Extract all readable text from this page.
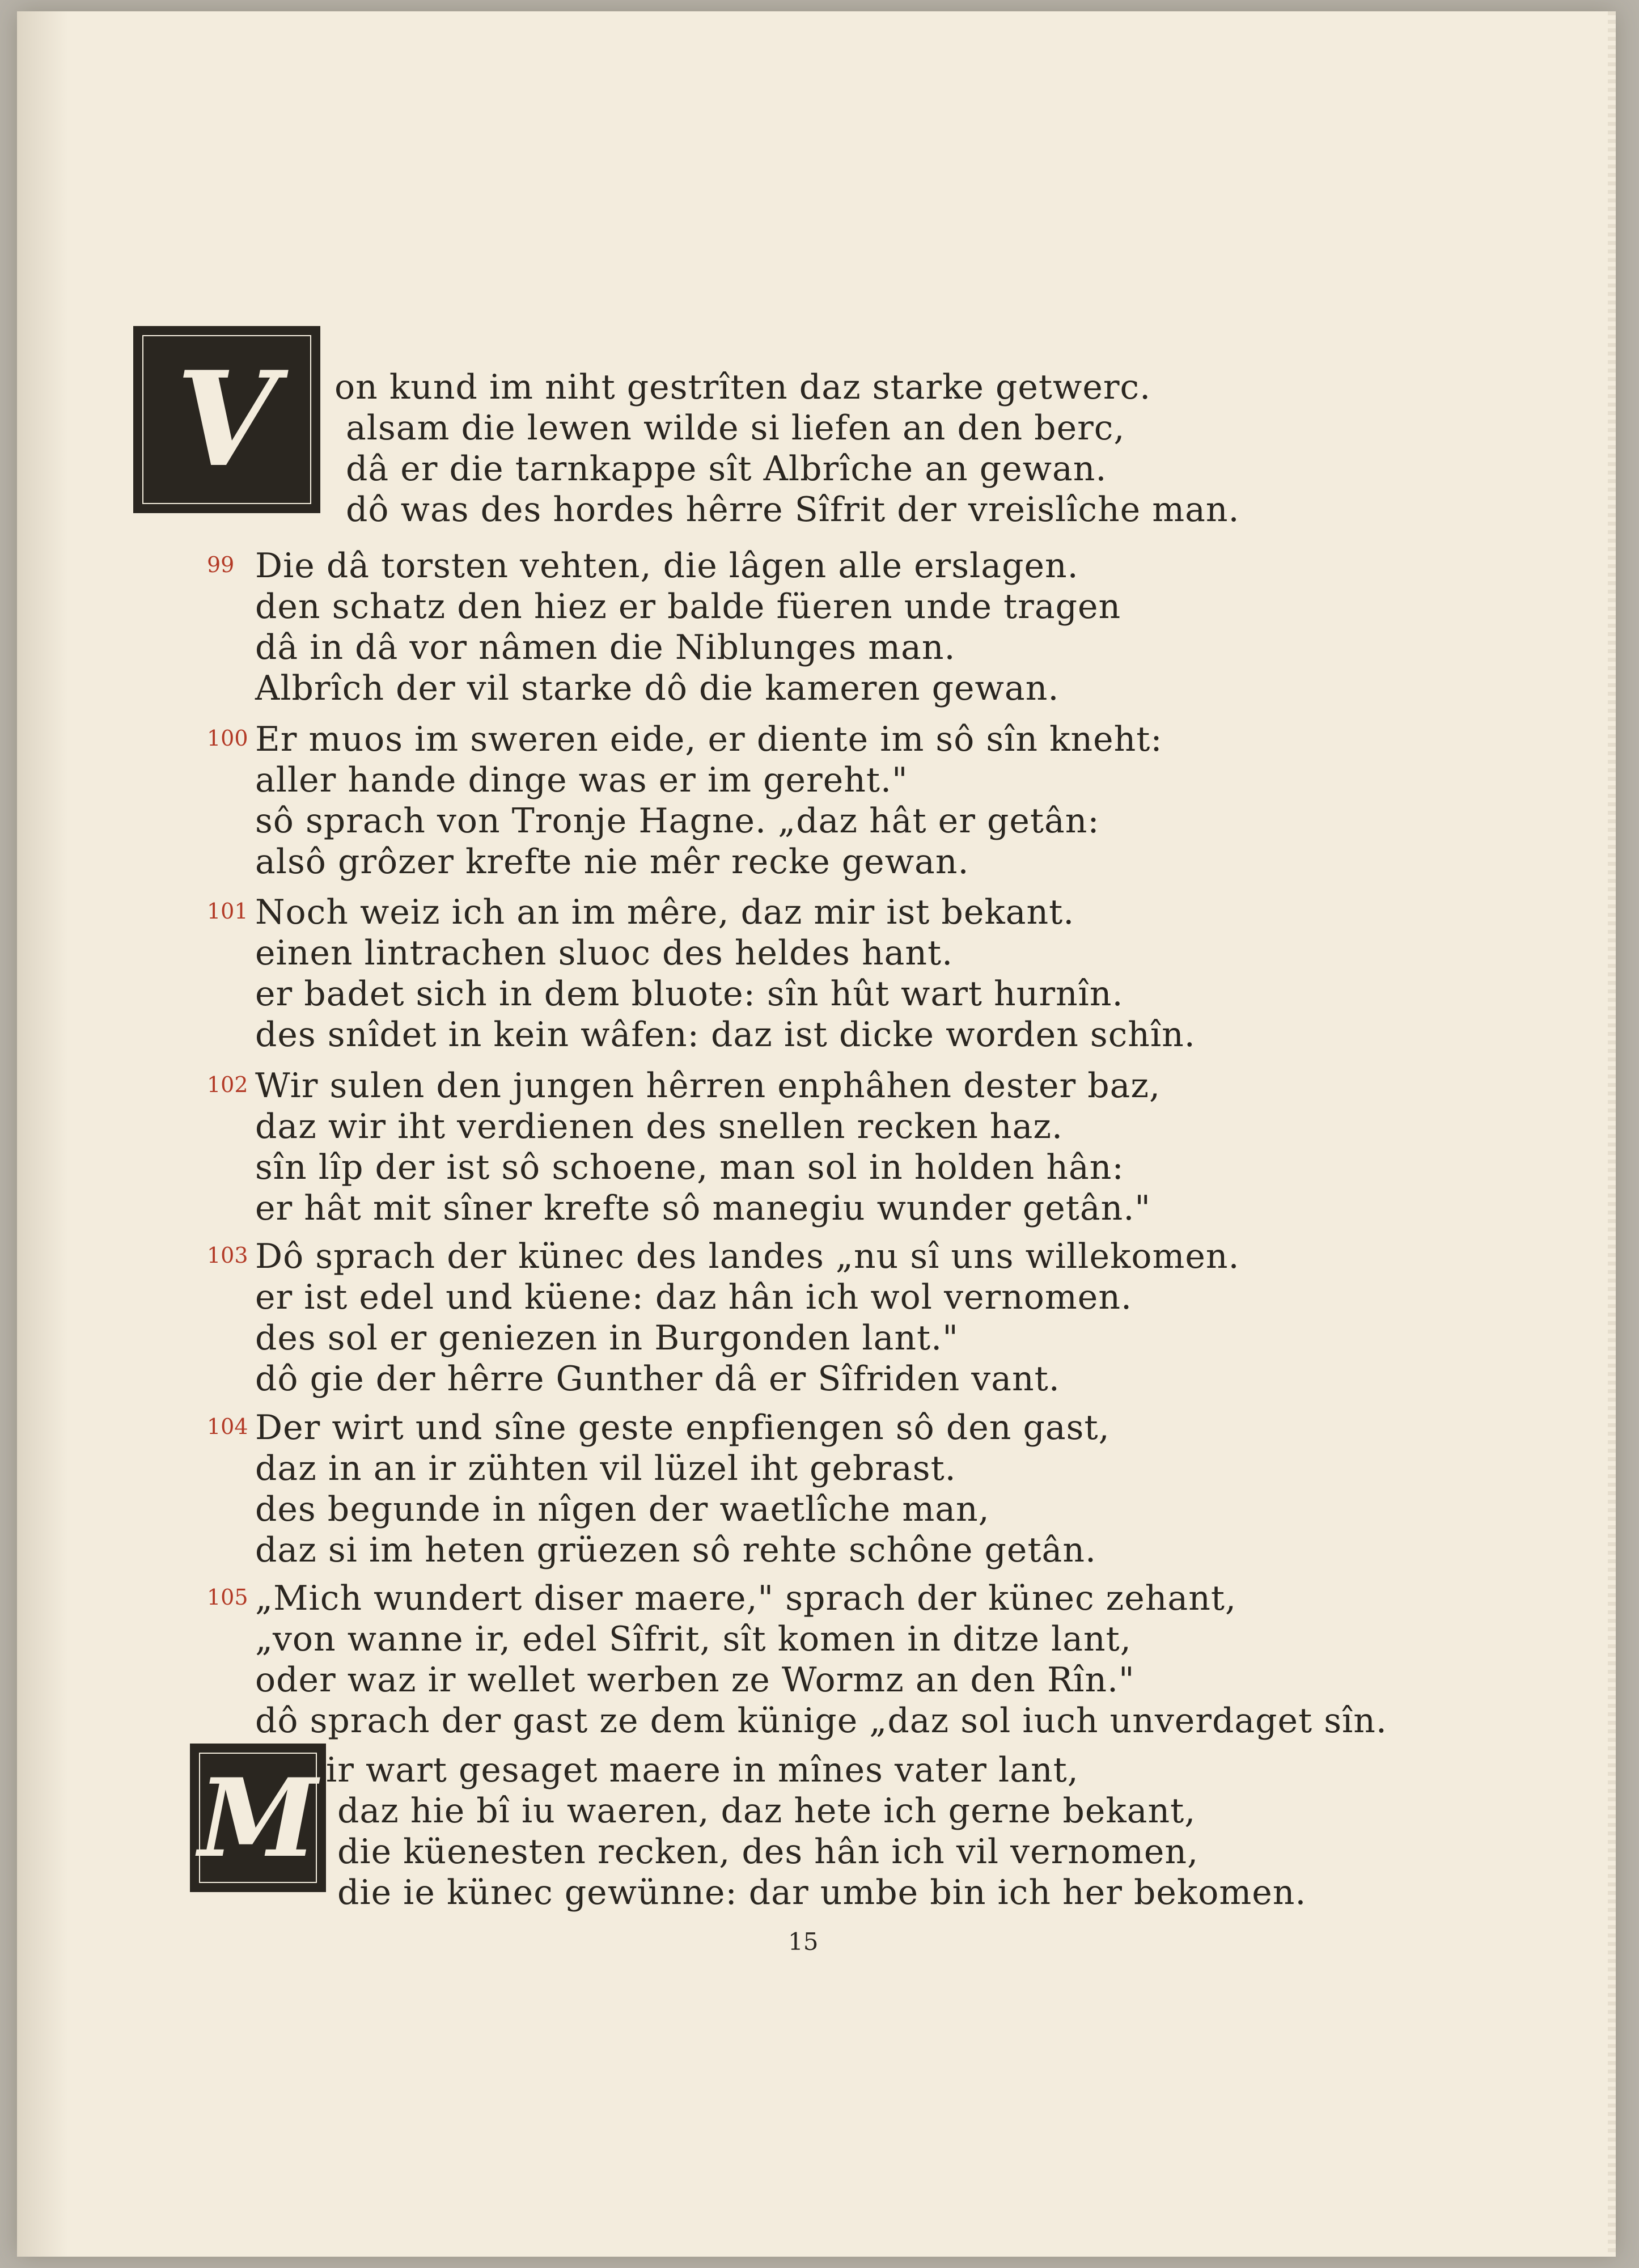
V on kund im niht gestrîten daz starke getwerc.
alsam die lewen wilde si liefen an den berc,
dâ er die tarnkappe sît Albrîche an gewan.
dô was des hordes hêrre Sîfrit der vreislîche man.
99 Die dâ torsten vehten, die lâgen alle erslagen.
den schatz den hiez er balde füeren unde tragen
dâ in dâ vor nâmen die Niblunges man.
Albrîch der vil starke dô die kameren gewan.
100 Er muos im sweren eide, er diente im sô sîn kneht:
aller hande dinge was er im gereht."
sô sprach von Tronje Hagne. „daz hât er getân:
alsô grôzer krefte nie mêr recke gewan.
101 Noch weiz ich an im mêre, daz mir ist bekant.
einen lintrachen sluoc des heldes hant.
er badet sich in dem bluote: sîn hût wart hurnîn.
des snîdet in kein wâfen: daz ist dicke worden schîn.
102 Wir sulen den jungen hêrren enphâhen dester baz,
daz wir iht verdienen des snellen recken haz.
sîn lîp der ist sô schoene, man sol in holden hân:
er hât mit sîner krefte sô manegiu wunder getân."
103 Dô sprach der künec des landes „nu sî uns willekomen.
er ist edel und küene: daz hân ich wol vernomen.
des sol er geniezen in Burgonden lant."
dô gie der hêrre Gunther dâ er Sîfriden vant.
104 Der wirt und sîne geste enpfiengen sô den gast,
daz in an ir zühten vil lüzel iht gebrast.
des begunde in nîgen der waetlîche man,
daz si im heten grüezen sô rehte schône getân.
105 „Mich wundert diser maere," sprach der künec zehant,
„von wanne ir, edel Sîfrit, sît komen in ditze lant,
oder waz ir wellet werben ze Wormz an den Rîn."
dô sprach der gast ze dem künige „daz sol iuch unverdaget sîn.
M ir wart gesaget maere in mînes vater lant,
daz hie bî iu waeren, daz hete ich gerne bekant,
die küenesten recken, des hân ich vil vernomen,
die ie künec gewünne: dar umbe bin ich her bekomen.
15
